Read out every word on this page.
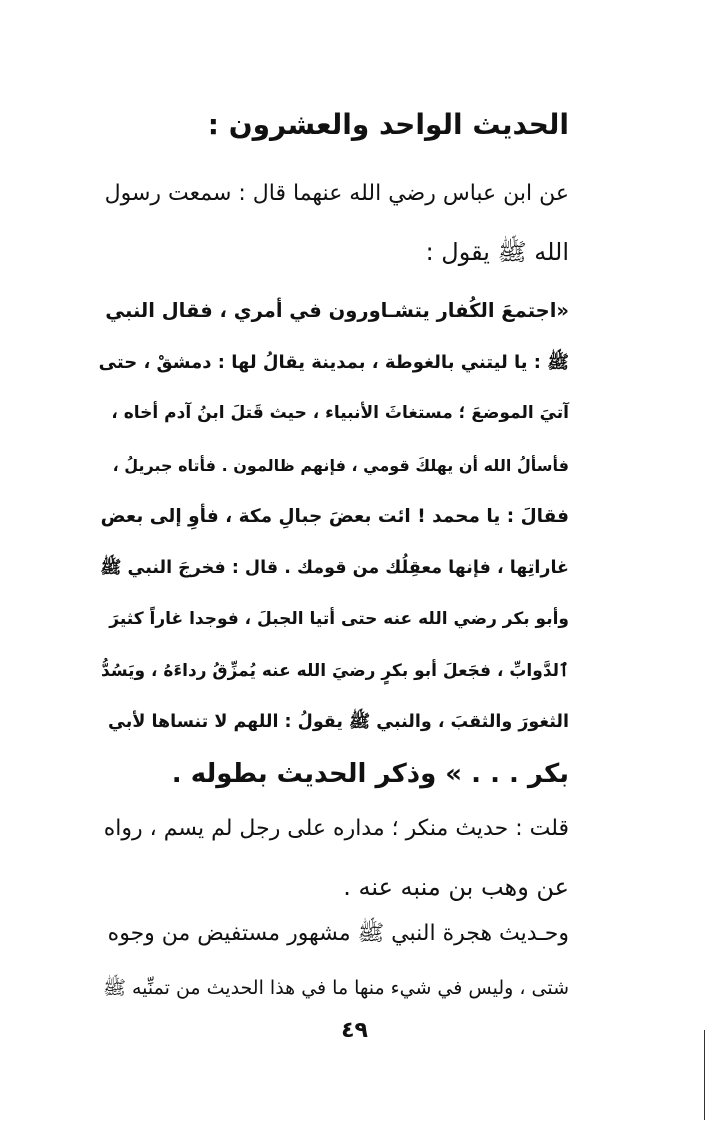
الحديث الواحد والعشرون :
عن ابن عباس رضي الله عنهما قال : سمعت رسول
الله ﷺ يقول :
«اجتمعَ الكُفار يتشـاورون في أمري ، فقال النبي
ﷺ : يا ليتني بالغوطة ، بمدينة يقالُ لها : دمشقْ ، حتى
آتيَ الموضعَ ؛ مستغاثَ الأنبياء ، حيث قَتلَ ابنُ آدم أخاه ،
فأسألُ الله أن يهلكَ قومي ، فإنهم ظالمون . فأتاه جبريلُ ،
فقالَ : يا محمد ! ائت بعضَ جبالِ مكة ، فأوِ إلى بعض
غاراتِها ، فإنها معقِلُك من قومك . قال : فخرجَ النبي ﷺ
وأبو بكر رضي الله عنه حتى أتيا الجبلَ ، فوجدا غاراً كثيرَ
ٱلدَّوابِّ ، فجَعلَ أبو بكرٍ رضيَ الله عنه يُمزِّقُ رداءَهُ ، ويَسُدُّ
الثغورَ والثقبَ ، والنبي ﷺ يقولُ : اللهم لا تنساها لأبي
بكر . . . » وذكر الحديث بطوله .
قلت : حديث منكر ؛ مداره على رجل لم يسم ، رواه
عن وهب بن منبه عنه .
وحـديث هجرة النبي ﷺ مشهور مستفيض من وجوه
شتى ، وليس في شيء منها ما في هذا الحديث من تمنِّيه ﷺ
٤٩
